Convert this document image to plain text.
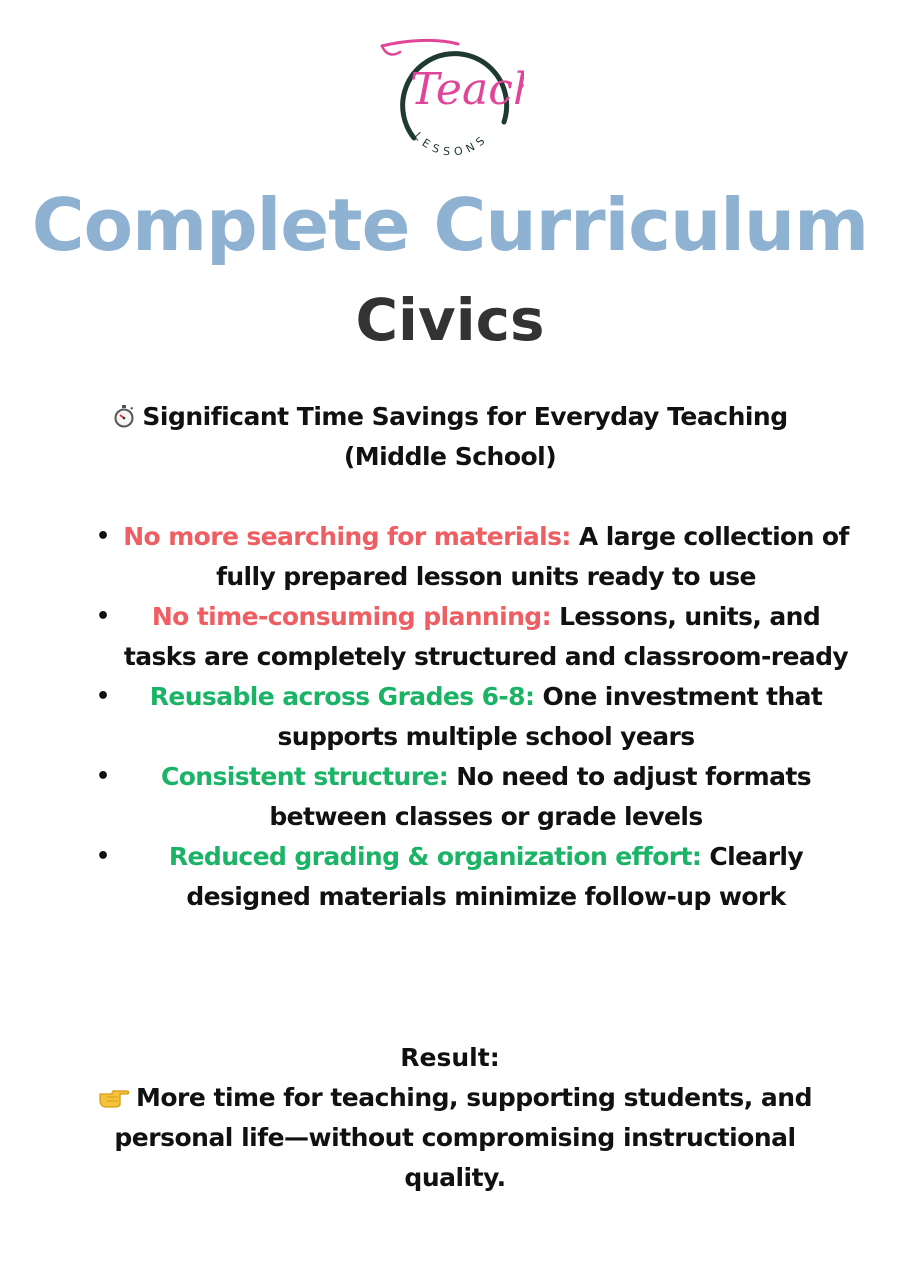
Teac
LESSONS
Complete Curriculum
Civics
Significant Time Savings for Everyday Teaching (Middle School)
• No more searching for materials: A large collection of fully prepared lesson units ready to use
• No time-consuming planning: Lessons, units, and tasks are completely structured and classroom-ready
• Reusable across Grades 6-8: One investment that supports multiple school years
• Consistent structure: No need to adjust formats between classes or grade levels
• Reduced grading & organization effort: Clearly designed materials minimize follow-up work
Result:
More time for teaching, supporting students, and personal life—without compromising instructional quality.
